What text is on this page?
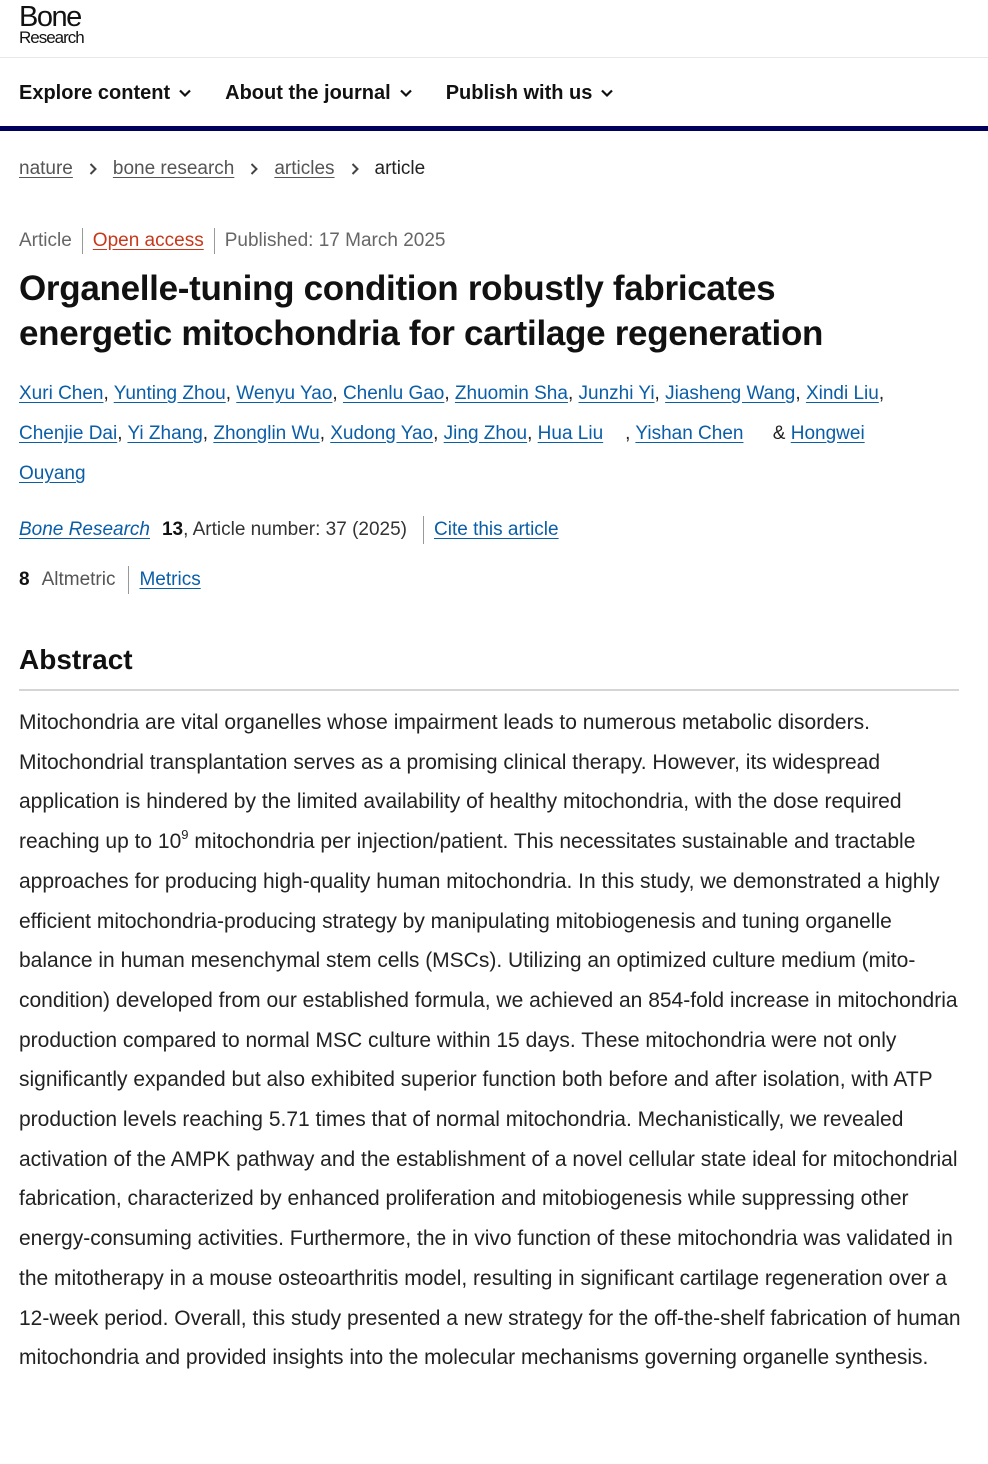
Bone
Research
Explore content	About the journal	Publish with us
nature bone research articles article
Article Open access Published: 17 March 2025
Organelle-tuning condition robustly fabricates
energetic mitochondria for cartilage regeneration
Xuri Chen, Yunting Zhou, Wenyu Yao, Chenlu Gao, Zhuomin Sha, Junzhi Yi, Jiasheng Wang, Xindi Liu,
Chenjie Dai, Yi Zhang, Zhonglin Wu, Xudong Yao, Jing Zhou, Hua Liu , Yishan Chen & Hongwei
Ouyang
Bone Research 13 , Article number: 37 (2025) Cite this article
8 Altmetric Metrics
Abstract

Mitochondria are vital organelles whose impairment leads to numerous metabolic disorders. Mitochondrial transplantation serves as a promising clinical therapy. However, its widespread application is hindered by the limited availability of healthy mitochondria, with the dose required reaching up to $10^9$ mitochondria per injection/patient. This necessitates sustainable and tractable approaches for producing high-quality human mitochondria. In this study, we demonstrated a highly efficient mitochondria-producing strategy by manipulating mitobiogenesis and tuning organelle balance in human mesenchymal stem cells (MSCs). Utilizing an optimized culture medium (mito-condition) developed from our established formula, we achieved an 854-fold increase in mitochondria production compared to normal MSC culture within 15 days. These mitochondria were not only significantly expanded but also exhibited superior function both before and after isolation, with ATP production levels reaching 5.71 times that of normal mitochondria. Mechanistically, we revealed activation of the AMPK pathway and the establishment of a novel cellular state ideal for mitochondrial fabrication, characterized by enhanced proliferation and mitobiogenesis while suppressing other energy-consuming activities. Furthermore, the in vivo function of these mitochondria was validated in the mitotherapy in a mouse osteoarthritis model, resulting in significant cartilage regeneration over a 12-week period. Overall, this study presented a new strategy for the off-the-shelf fabrication of human mitochondria and provided insights into the molecular mechanisms governing organelle synthesis.
